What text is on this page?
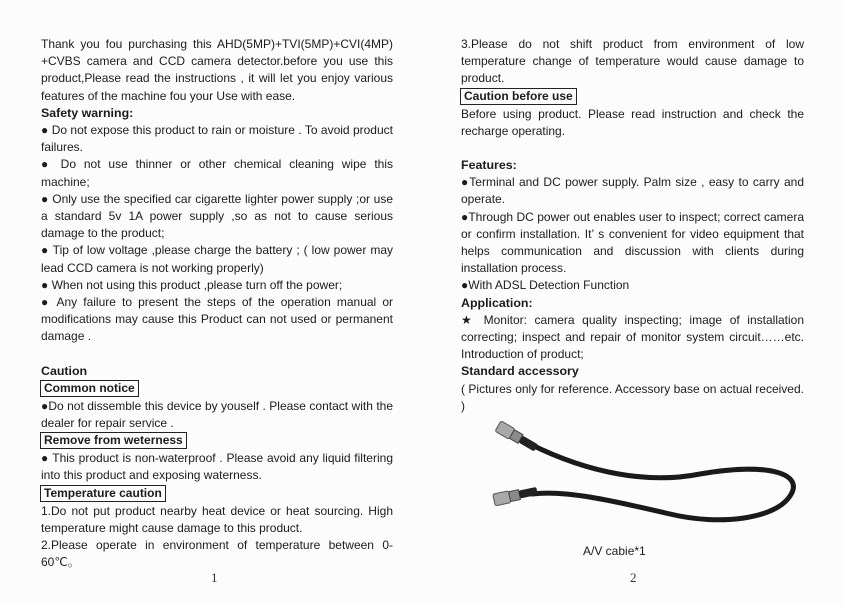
Thank you fou purchasing this AHD(5MP)+TVI(5MP)+CVI(4MP) +CVBS camera and CCD camera detector.before you use this product,Please read the instructions , it will let you enjoy various features of the machine fou your Use with ease.

Safety warning:

● Do not expose this product to rain or moisture . To avoid product failures.

● Do not use thinner or other chemical cleaning wipe this machine;

● Only use the specified car cigarette lighter power supply ;or use a standard 5v 1A power supply ,so as not to cause serious damage to the product;

● Tip of low voltage ,please charge the battery ; ( low power may lead CCD camera is not working properly)

● When not using this product ,please turn off the power;

● Any failure to present the steps of the operation manual or modifications may cause this Product can not used or permanent damage .

Caution
Common notice

●Do not dissemble this device by youself . Please contact with the dealer for repair service .

Remove from weterness

● This product is non-waterproof . Please avoid any liquid filtering into this product and exposing waterness.

Temperature caution

1.Do not put product nearby heat device or heat sourcing. High temperature might cause damage to this product.

2.Please operate in environment of temperature between 0-60℃。

1

3.Please do not shift product from environment of low temperature change of temperature would cause damage to product.

Caution before use

Before using product. Please read instruction and check the recharge operating.

Features:

●Terminal and DC power supply. Palm size , easy to carry and operate.

●Through DC power out enables user to inspect; correct camera or confirm installation. It’ s convenient for video equipment that helps communication and discussion with clients during installation process.

●With ADSL Detection Function

Application:

★ Monitor: camera quality inspecting; image of installation correcting; inspect and repair of monitor system circuit……etc. Introduction of product;

Standard accessory

( Pictures only for reference. Accessory base on actual received. )

A/V cabie*1
2
